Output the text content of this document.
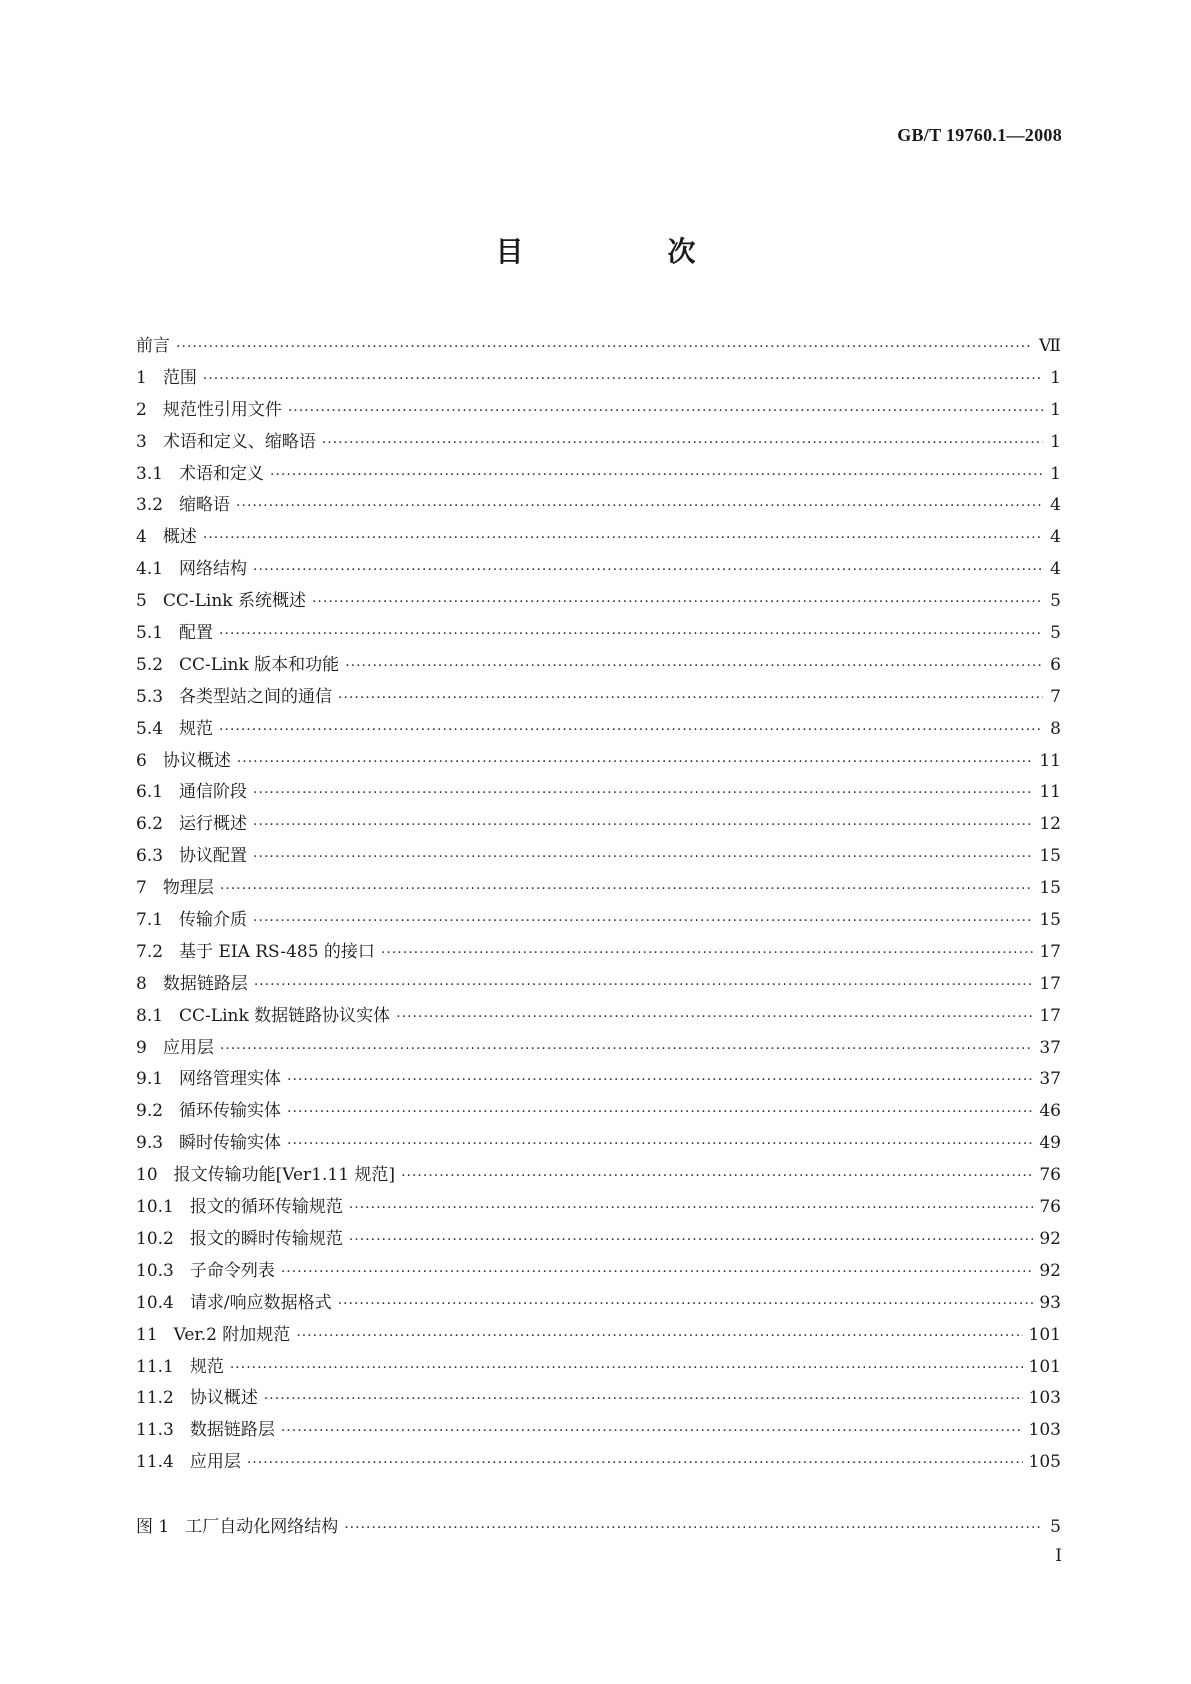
GB/T 19760.1—2008
目　次
前言 ·····	Ⅶ
1 范围 ·····	1
2 规范性引用文件 ·····	1
3 术语和定义、缩略语 ·····	1
3.1 术语和定义 ·····	1
3.2 缩略语 ·····	4
4 概述 ·····	4
4.1 网络结构 ·····	4
5 CC-Link 系统概述 ·····	5
5.1 配置 ·····	5
5.2 CC-Link 版本和功能 ·····	6
5.3 各类型站之间的通信 ·····	7
5.4 规范 ·····	8
6 协议概述 ·····	11
6.1 通信阶段 ·····	11
6.2 运行概述 ·····	12
6.3 协议配置 ·····	15
7 物理层 ·····	15
7.1 传输介质 ·····	15
7.2 基于 EIA RS-485 的接口 ·····	17
8 数据链路层 ·····	17
8.1 CC-Link 数据链路协议实体 ·····	17
9 应用层 ·····	37
9.1 网络管理实体 ·····	37
9.2 循环传输实体 ·····	46
9.3 瞬时传输实体 ·····	49
10 报文传输功能[Ver1.11 规范] ·····	76
10.1 报文的循环传输规范 ·····	76
10.2 报文的瞬时传输规范 ·····	92
10.3 子命令列表 ·····	92
10.4 请求/响应数据格式 ·····	93
11 Ver.2 附加规范 ·····	101
11.1 规范 ·····	101
11.2 协议概述 ·····	103
11.3 数据链路层 ·····	103
11.4 应用层 ·····	105
图 1 工厂自动化网络结构 ·····	5
Ⅰ
